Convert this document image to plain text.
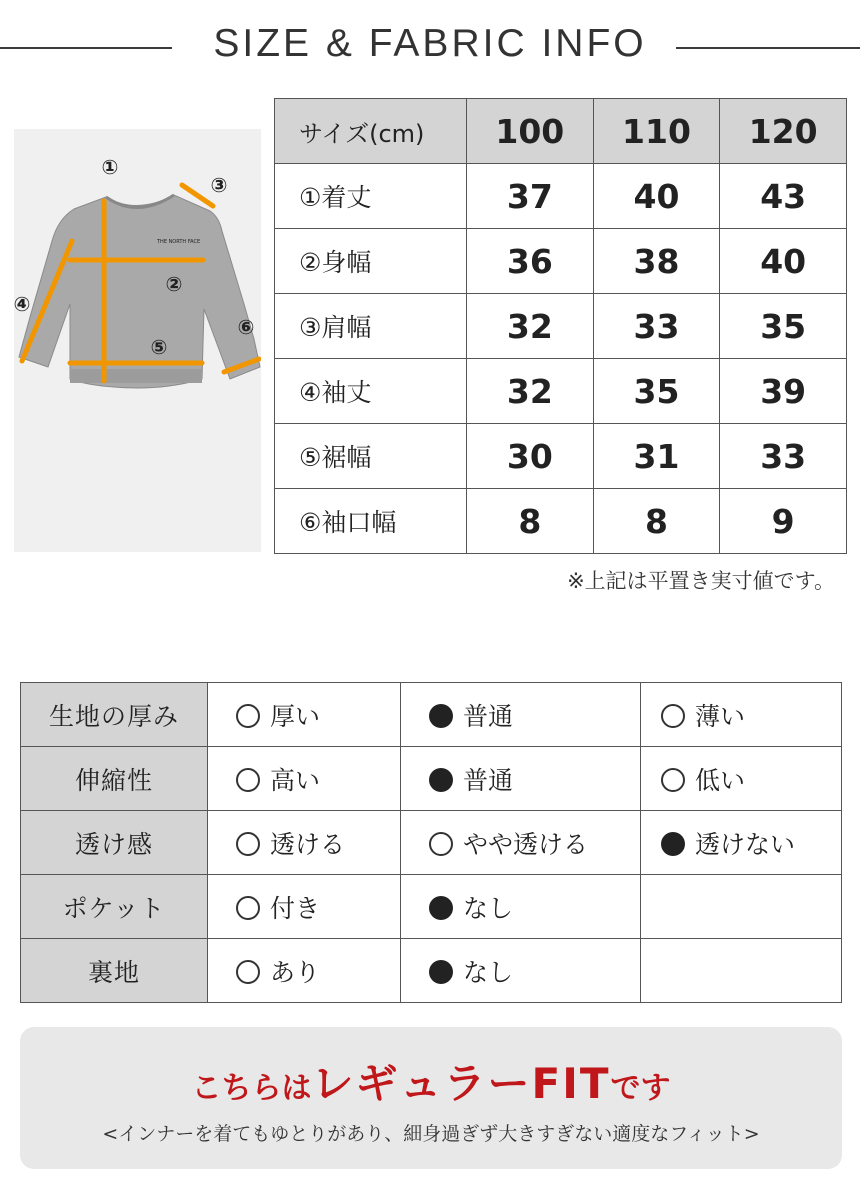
SIZE & FABRIC INFO
THE NORTH FACE
①
②
③
④
⑤
⑥
サイズ(cm)	100	110	120
①着丈	37	40	43
②身幅	36	38	40
③肩幅	32	33	35
④袖丈	32	35	39
⑤裾幅	30	31	33
⑥袖口幅	8	8	9
※上記は平置き実寸値です。
生地の厚み	厚い	普通	薄い
伸縮性	高い	普通	低い
透け感	透ける	やや透ける	透けない
ポケット	付き	なし	
裏地	あり	なし	
こちらはレギュラーFITです
<インナーを着てもゆとりがあり、細身過ぎず大きすぎない適度なフィット>
